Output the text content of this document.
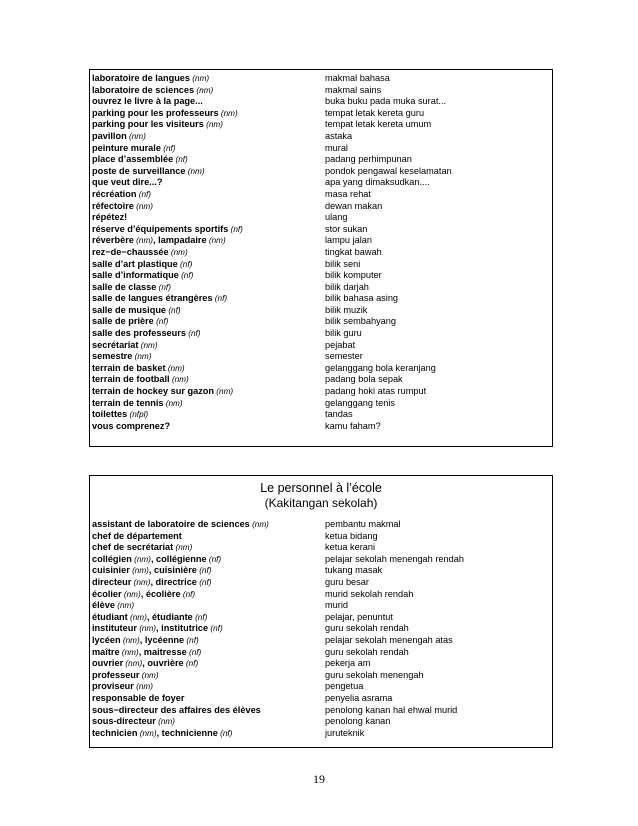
laboratoire de langues (nm)	makmal bahasa
laboratoire de sciences (nm)	makmal sains
ouvrez le livre à la page...	buka buku pada muka surat...
parking pour les professeurs (nm)	tempat letak kereta guru
parking pour les visiteurs (nm)	tempat letak kereta umum
pavillon (nm)	astaka
peinture murale (nf)	mural
place d’assemblée (nf)	padang perhimpunan
poste de surveillance (nm)	pondok pengawal keselamatan
que veut dire...?	apa yang dimaksudkan....
récréation (nf)	masa rehat
réfectoire (nm)	dewan makan
répétez!	ulang
réserve d’équipements sportifs (nf)	stor sukan
réverbère (nm), lampadaire (nm)	lampu jalan
rez−de−chaussée (nm)	tingkat bawah
salle d’art plastique (nf)	bilik seni
salle d’informatique (nf)	bilik komputer
salle de classe (nf)	bilik darjah
salle de langues étrangères (nf)	bilik bahasa asing
salle de musique (nf)	bilik muzik
salle de prière (nf)	bilik sembahyang
salle des professeurs (nf)	bilik guru
secrétariat (nm)	pejabat
semestre (nm)	semester
terrain de basket (nm)	gelanggang bola keranjang
terrain de football (nm)	padang bola sepak
terrain de hockey sur gazon (nm)	padang hoki atas rumput
terrain de tennis (nm)	gelanggang tenis
toilettes (nfpl)	tandas
vous comprenez?	kamu faham?
Le personnel à l’école
(Kakitangan sekolah)
assistant de laboratoire de sciences (nm)	pembantu makmal
chef de département	ketua bidang
chef de secrétariat (nm)	ketua kerani
collégien (nm), collégienne (nf)	pelajar sekolah menengah rendah
cuisinier (nm), cuisinière (nf)	tukang masak
directeur (nm), directrice (nf)	guru besar
écolier (nm), écolière (nf)	murid sekolah rendah
élève (nm)	murid
étudiant (nm), étudiante (nf)	pelajar, penuntut
instituteur (nm), institutrice (nf)	guru sekolah rendah
lycéen (nm), lycéenne (nf)	pelajar sekolah menengah atas
maître (nm), maitresse (nf)	guru sekolah rendah
ouvrier (nm), ouvrière (nf)	pekerja am
professeur (nm)	guru sekolah menengah
proviseur (nm)	pengetua
responsable de foyer	penyelia asrama
sous−directeur des affaires des élèves	penolong kanan hal ehwal murid
sous-directeur (nm)	penolong kanan
technicien (nm), technicienne (nf)	juruteknik
19
